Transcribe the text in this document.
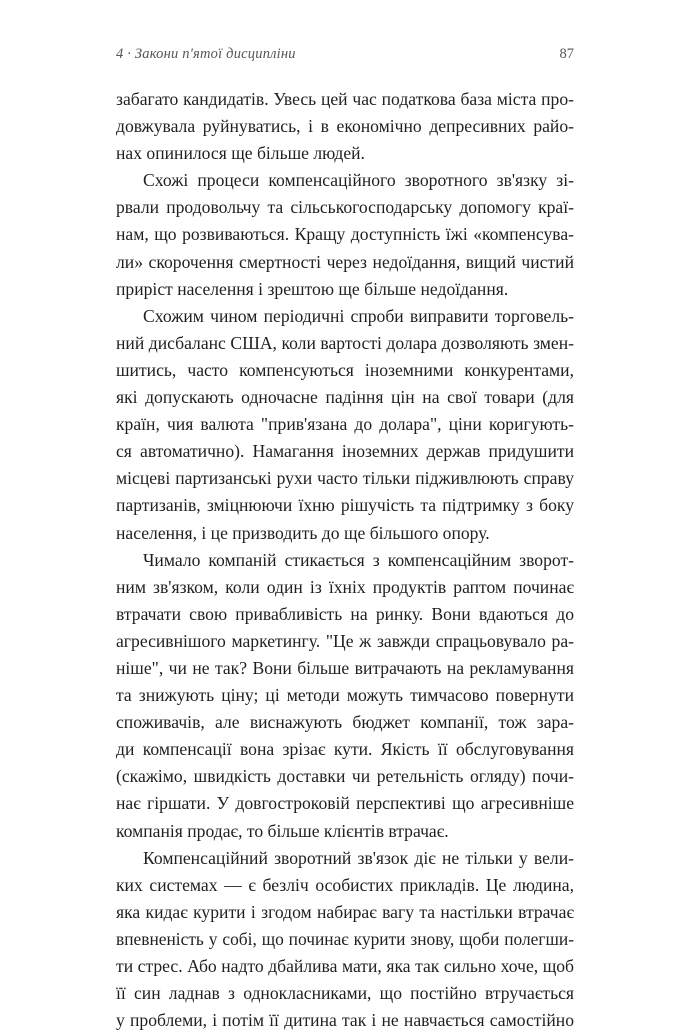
4 · Закони п'ятої дисципліни	87
забагато кандидатів. Увесь цей час податкова база міста про-
довжувала руйнуватись, і в економічно депресивних райо-
нах опинилося ще більше людей.
Схожі процеси компенсаційного зворотного зв'язку зі-
рвали продовольчу та сільськогосподарську допомогу краї-
нам, що розвиваються. Кращу доступність їжі «компенсува-
ли» скорочення смертності через недоїдання, вищий чистий
приріст населення і зрештою ще більше недоїдання.
Схожим чином періодичні спроби виправити торговель-
ний дисбаланс США, коли вартості долара дозволяють змен-
шитись, часто компенсуються іноземними конкурентами,
які допускають одночасне падіння цін на свої товари (для
країн, чия валюта "прив'язана до долара", ціни коригують-
ся автоматично). Намагання іноземних держав придушити
місцеві партизанські рухи часто тільки підживлюють справу
партизанів, зміцнюючи їхню рішучість та підтримку з боку
населення, і це призводить до ще більшого опору.
Чимало компаній стикається з компенсаційним зворот-
ним зв'язком, коли один із їхніх продуктів раптом починає
втрачати свою привабливість на ринку. Вони вдаються до
агресивнішого маркетингу. "Це ж завжди спрацьовувало ра-
ніше", чи не так? Вони більше витрачають на рекламування
та знижують ціну; ці методи можуть тимчасово повернути
споживачів, але виснажують бюджет компанії, тож зара-
ди компенсації вона зрізає кути. Якість її обслуговування
(скажімо, швидкість доставки чи ретельність огляду) почи-
нає гіршати. У довгостроковій перспективі що агресивніше
компанія продає, то більше клієнтів втрачає.
Компенсаційний зворотний зв'язок діє не тільки у вели-
ких системах — є безліч особистих прикладів. Це людина,
яка кидає курити і згодом набирає вагу та настільки втрачає
впевненість у собі, що починає курити знову, щоби полегши-
ти стрес. Або надто дбайлива мати, яка так сильно хоче, щоб
її син ладнав з однокласниками, що постійно втручається
у проблеми, і потім її дитина так і не навчається самостійно
